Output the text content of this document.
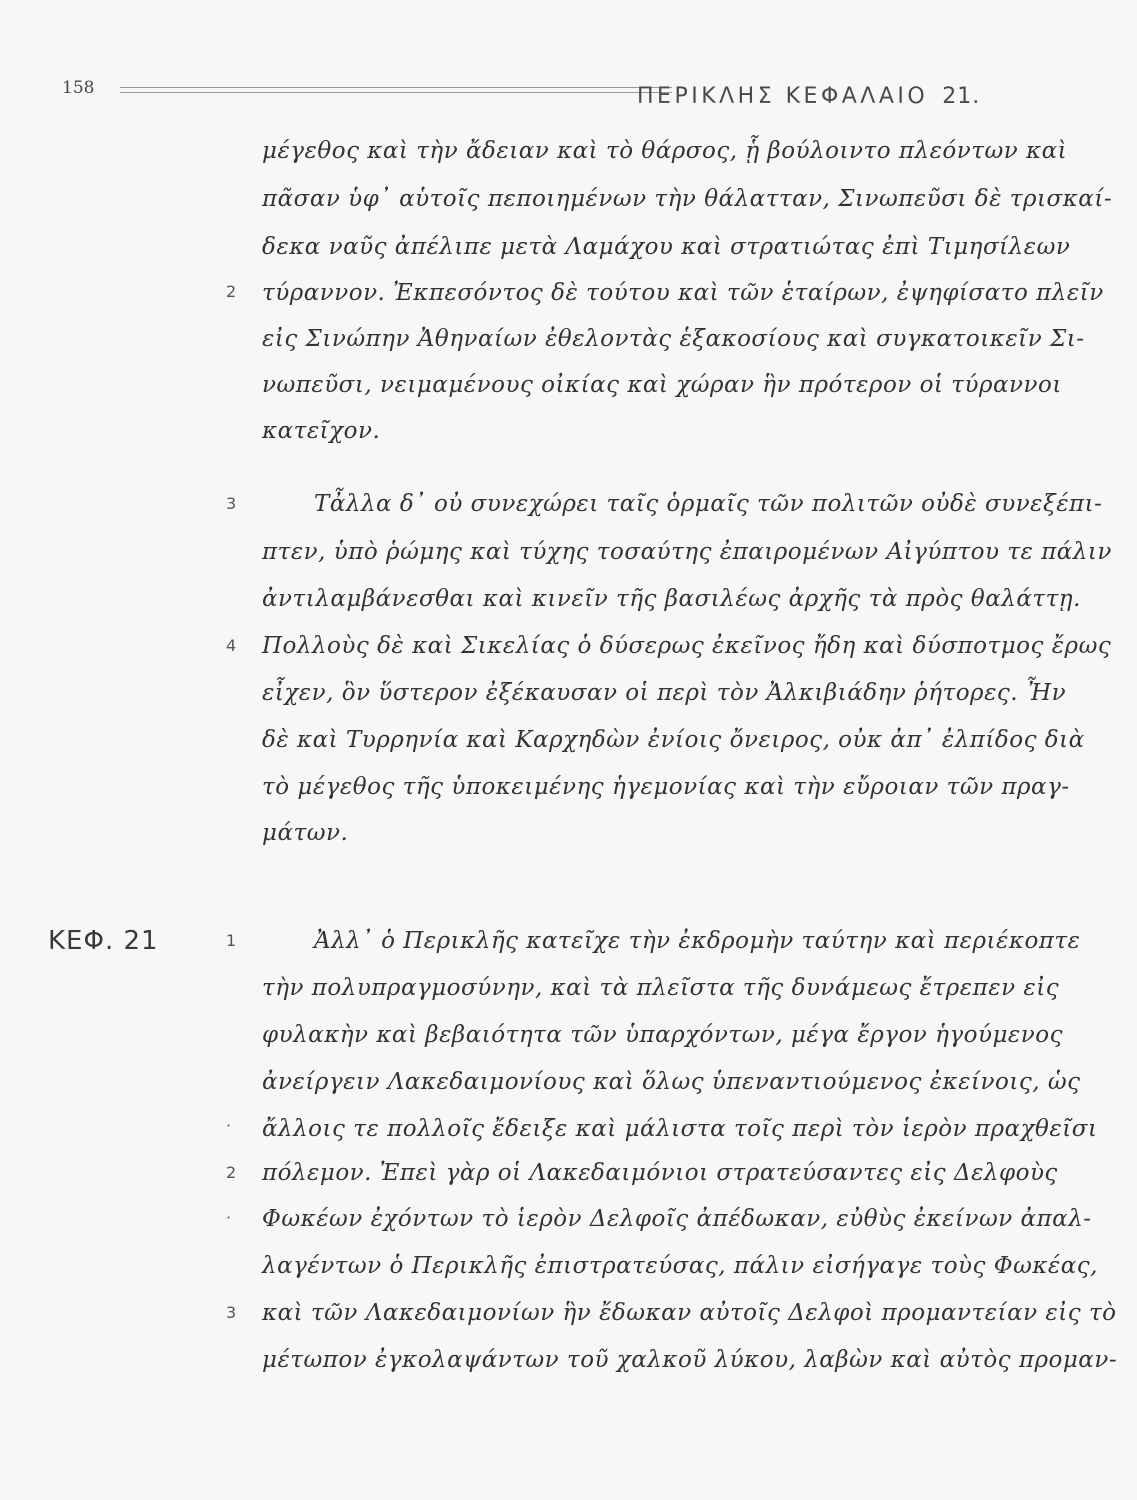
158	ΠΕΡΙΚΛΗΣ ΚΕΦΑΛΑΙΟ 21.
μέγεθος καὶ τὴν ἄδειαν καὶ τὸ θάρσος, ᾗ βούλοιντο πλεόντων καὶ
πᾶσαν ὑφ᾽ αὑτοῖς πεποιημένων τὴν θάλατταν, Σινωπεῦσι δὲ τρισκαί-
δεκα ναῦς ἀπέλιπε μετὰ Λαμάχου καὶ στρατιώτας ἐπὶ Τιμησίλεων
2	τύραννον. Ἐκπεσόντος δὲ τούτου καὶ τῶν ἑταίρων, ἐψηφίσατο πλεῖν
εἰς Σινώπην Ἀθηναίων ἐθελοντὰς ἑξακοσίους καὶ συγκατοικεῖν Σι-
νωπεῦσι, νειμαμένους οἰκίας καὶ χώραν ἣν πρότερον οἱ τύραννοι
κατεῖχον.
3	Τἆλλα δ᾽ οὐ συνεχώρει ταῖς ὁρμαῖς τῶν πολιτῶν οὐδὲ συνεξέπι-
πτεν, ὑπὸ ῥώμης καὶ τύχης τοσαύτης ἐπαιρομένων Αἰγύπτου τε πάλιν
ἀντιλαμβάνεσθαι καὶ κινεῖν τῆς βασιλέως ἀρχῆς τὰ πρὸς θαλάττῃ.
4	Πολλοὺς δὲ καὶ Σικελίας ὁ δύσερως ἐκεῖνος ἤδη καὶ δύσποτμος ἔρως
εἶχεν, ὃν ὕστερον ἐξέκαυσαν οἱ περὶ τὸν Ἀλκιβιάδην ῥήτορες. Ἦν
δὲ καὶ Τυρρηνία καὶ Καρχηδὼν ἐνίοις ὄνειρος, οὐκ ἀπ᾽ ἐλπίδος διὰ
τὸ μέγεθος τῆς ὑποκειμένης ἡγεμονίας καὶ τὴν εὔροιαν τῶν πραγ-
μάτων.
ΚΕΦ. 21	1	Ἀλλ᾽ ὁ Περικλῆς κατεῖχε τὴν ἐκδρομὴν ταύτην καὶ περιέκοπτε
τὴν πολυπραγμοσύνην, καὶ τὰ πλεῖστα τῆς δυνάμεως ἔτρεπεν εἰς
φυλακὴν καὶ βεβαιότητα τῶν ὑπαρχόντων, μέγα ἔργον ἡγούμενος
ἀνείργειν Λακεδαιμονίους καὶ ὅλως ὑπεναντιούμενος ἐκείνοις, ὡς
· ἄλλοις τε πολλοῖς ἔδειξε καὶ μάλιστα τοῖς περὶ τὸν ἱερὸν πραχθεῖσι
2	πόλεμον. Ἐπεὶ γὰρ οἱ Λακεδαιμόνιοι στρατεύσαντες εἰς Δελφοὺς
· Φωκέων ἐχόντων τὸ ἱερὸν Δελφοῖς ἀπέδωκαν, εὐθὺς ἐκείνων ἀπαλ-
λαγέντων ὁ Περικλῆς ἐπιστρατεύσας, πάλιν εἰσήγαγε τοὺς Φωκέας,
3	καὶ τῶν Λακεδαιμονίων ἣν ἔδωκαν αὐτοῖς Δελφοὶ προμαντείαν εἰς τὸ
μέτωπον ἐγκολαψάντων τοῦ χαλκοῦ λύκου, λαβὼν καὶ αὐτὸς προμαν-
